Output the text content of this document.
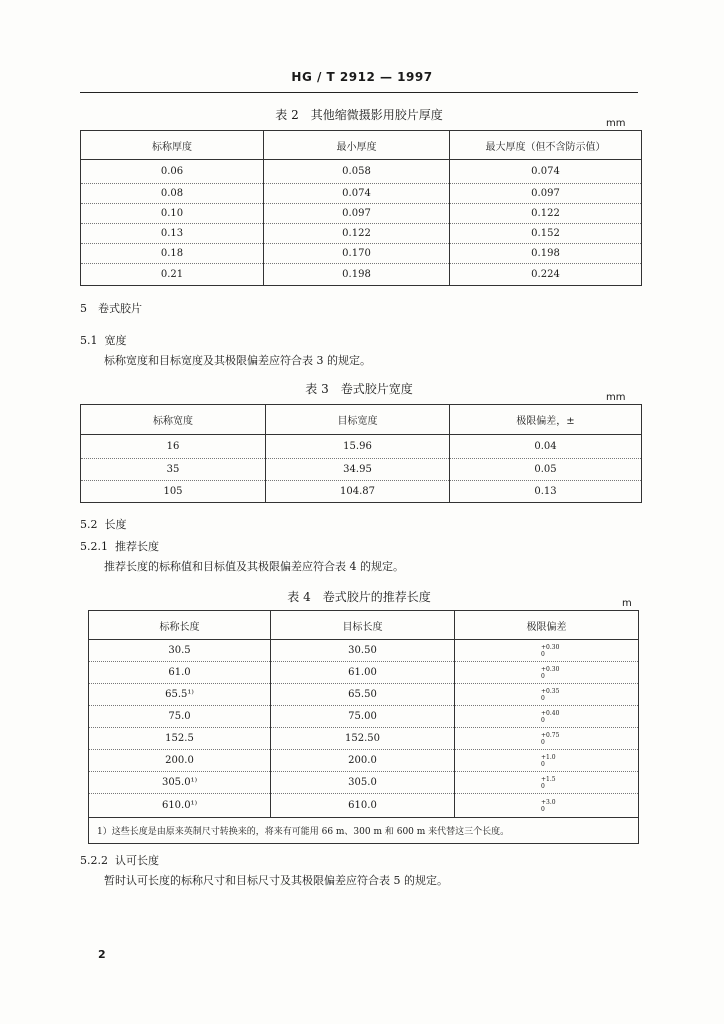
HG / T 2912 — 1997
表 2　其他缩微摄影用胶片厚度
mm
标称厚度	最小厚度	最大厚度（但不含防示值）
0.06	0.058	0.074
0.08	0.074	0.097
0.10	0.097	0.122
0.13	0.122	0.152
0.18	0.170	0.198
0.21	0.198	0.224
5　卷式胶片
5.1 宽度
标称宽度和目标宽度及其极限偏差应符合表 3 的规定。
表 3　卷式胶片宽度
mm
标称宽度	目标宽度	极限偏差，±
16	15.96	0.04
35	34.95	0.05
105	104.87	0.13
5.2 长度
5.2.1 推荐长度
推荐长度的标称值和目标值及其极限偏差应符合表 4 的规定。
表 4　卷式胶片的推荐长度	m
标称长度	目标长度	极限偏差
30.5	30.50	+0.30
0

61.0	61.00	+0.30
0

65.5¹⁾	65.50	+0.35
0

75.0	75.00	+0.40
0

152.5	152.50	+0.75
0

200.0	200.0	+1.0
0

305.0¹⁾	305.0	+1.5
0

610.0¹⁾	610.0	+3.0
0

1）这些长度是由原来英制尺寸转换来的，将来有可能用 66 m、300 m 和 600 m 来代替这三个长度。		
5.2.2 认可长度
暂时认可长度的标称尺寸和目标尺寸及其极限偏差应符合表 5 的规定。
2
